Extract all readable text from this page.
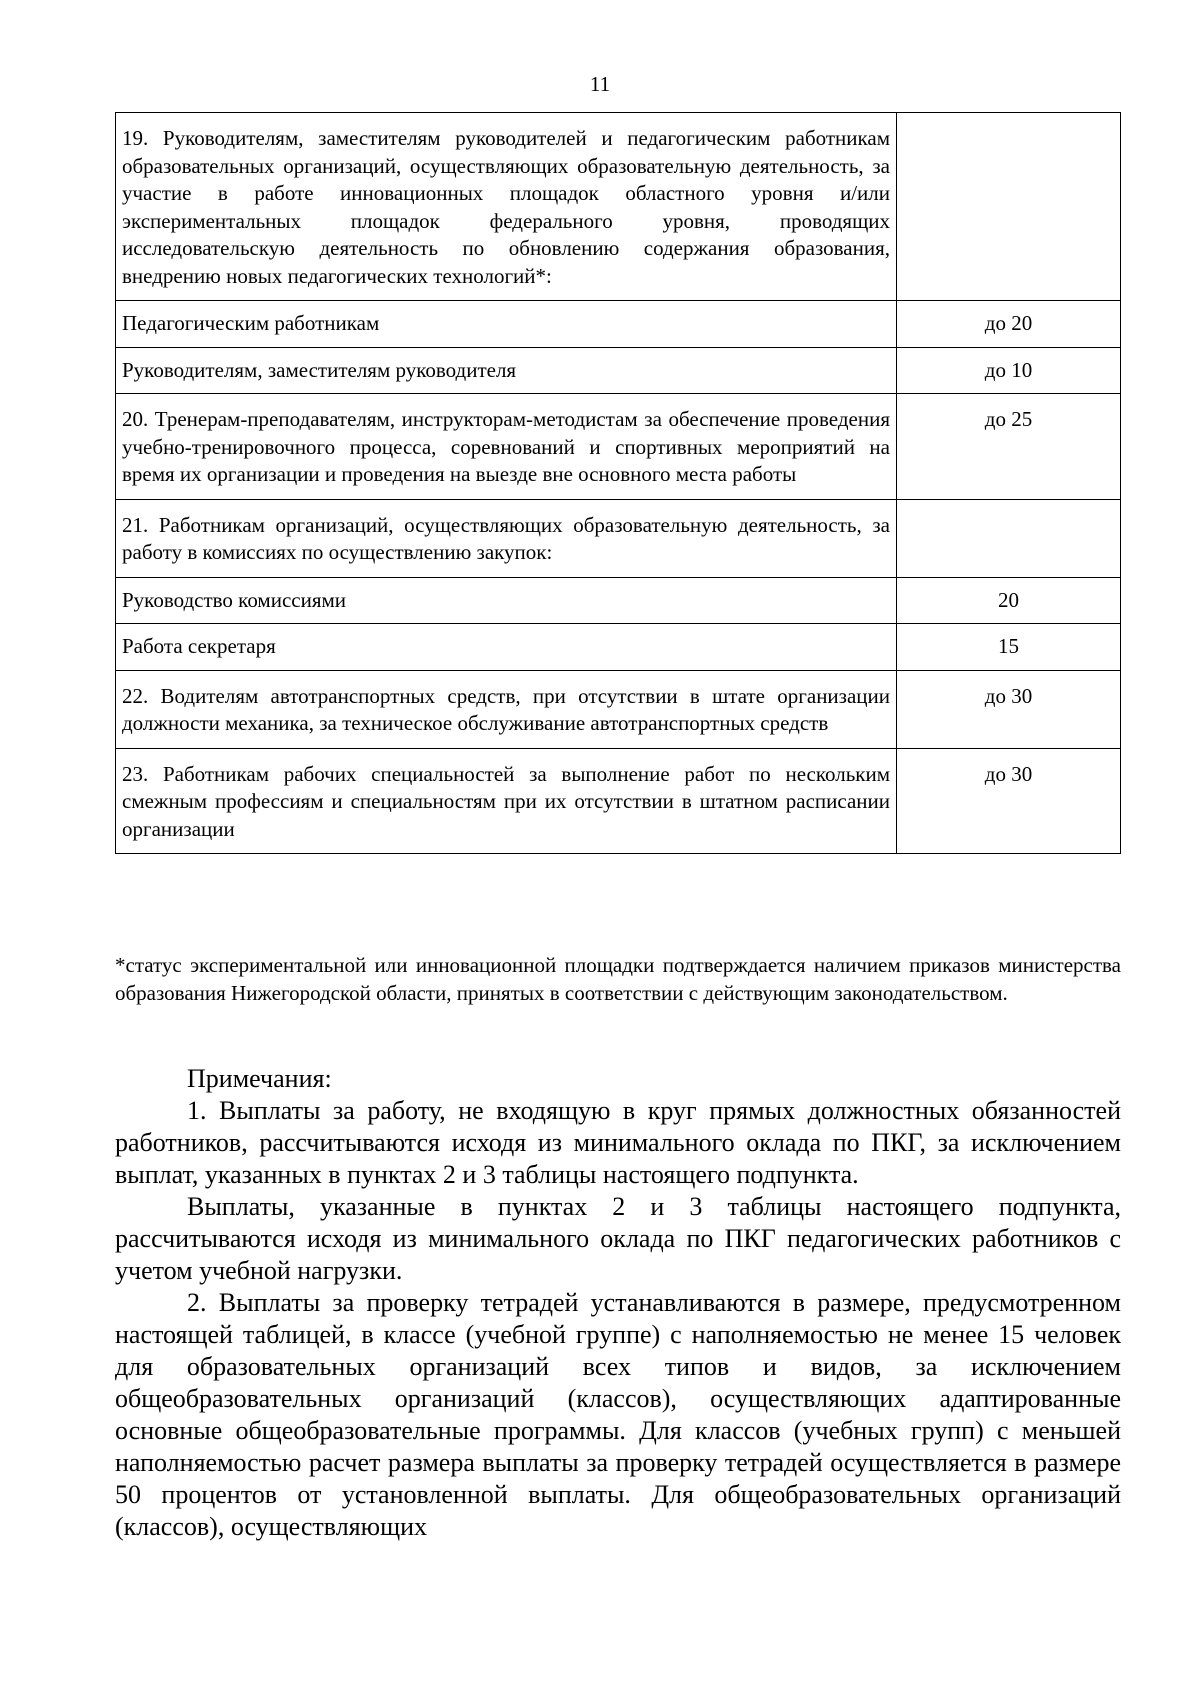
11
19. Руководителям, заместителям руководителей и педагогическим работникам образовательных организаций, осуществляющих образовательную деятельность, за участие в работе инновационных площадок областного уровня и/или экспериментальных площадок федерального уровня, проводящих исследовательскую деятельность по обновлению содержания образования, внедрению новых педагогических технологий*:	
Педагогическим работникам	до 20
Руководителям, заместителям руководителя	до 10
20. Тренерам-преподавателям, инструкторам-методистам за обеспечение проведения учебно-тренировочного процесса, соревнований и спортивных мероприятий на время их организации и проведения на выезде вне основного места работы	до 25
21. Работникам организаций, осуществляющих образовательную деятельность, за работу в комиссиях по осуществлению закупок:	
Руководство комиссиями	20
Работа секретаря	15
22. Водителям автотранспортных средств, при отсутствии в штате организации должности механика, за техническое обслуживание автотранспортных средств	до 30
23. Работникам рабочих специальностей за выполнение работ по нескольким смежным профессиям и специальностям при их отсутствии в штатном расписании организации	до 30
*статус экспериментальной или инновационной площадки подтверждается наличием приказов министерства образования Нижегородской области, принятых в соответствии с действующим законодательством.

Примечания:

1. Выплаты за работу, не входящую в круг прямых должностных обязанностей работников, рассчитываются исходя из минимального оклада по ПКГ, за исключением выплат, указанных в пунктах 2 и 3 таблицы настоящего подпункта.

Выплаты, указанные в пунктах 2 и 3 таблицы настоящего подпункта, рассчитываются исходя из минимального оклада по ПКГ педагогических работников с учетом учебной нагрузки.

2. Выплаты за проверку тетрадей устанавливаются в размере, предусмотренном настоящей таблицей, в классе (учебной группе) с наполняемостью не менее 15 человек для образовательных организаций всех типов и видов, за исключением общеобразовательных организаций (классов), осуществляющих адаптированные основные общеобразовательные программы. Для классов (учебных групп) с меньшей наполняемостью расчет размера выплаты за проверку тетрадей осуществляется в размере 50 процентов от установленной выплаты. Для общеобразовательных организаций (классов), осуществляющих
